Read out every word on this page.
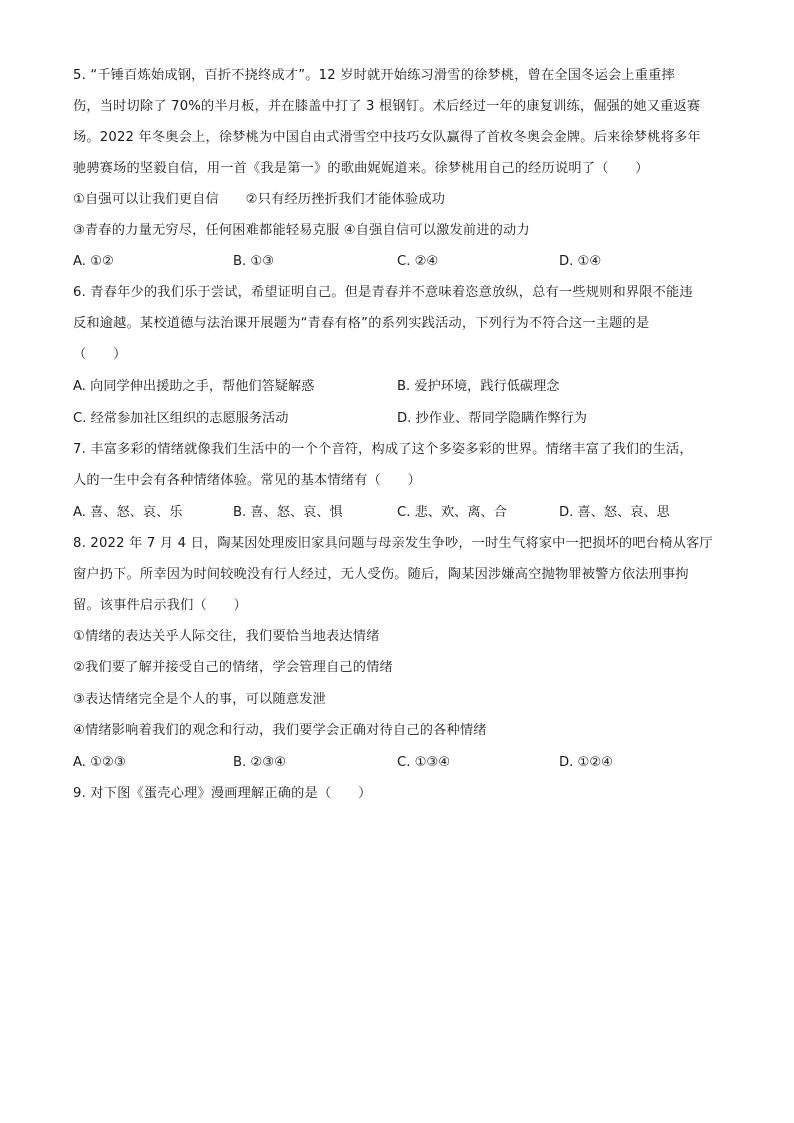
5. “千锤百炼始成钢，百折不挠终成才”。12 岁时就开始练习滑雪的徐梦桃，曾在全国冬运会上重重摔
伤，当时切除了 70%的半月板，并在膝盖中打了 3 根钢钉。术后经过一年的康复训练，倔强的她又重返赛
场。2022 年冬奥会上，徐梦桃为中国自由式滑雪空中技巧女队赢得了首枚冬奥会金牌。后来徐梦桃将多年
驰骋赛场的坚毅自信，用一首《我是第一》的歌曲娓娓道来。徐梦桃用自己的经历说明了（　　）
①自强可以让我们更自信　　②只有经历挫折我们才能体验成功
③青春的力量无穷尽，任何困难都能轻易克服 ④自强自信可以激发前进的动力
A. ①②	B. ①③	C. ②④	D. ①④
6. 青春年少的我们乐于尝试，希望证明自己。但是青春并不意味着恣意放纵，总有一些规则和界限不能违
反和逾越。某校道德与法治课开展题为“青春有格”的系列实践活动，下列行为不符合这一主题的是
（　　）
A. 向同学伸出援助之手，帮他们答疑解惑	B. 爱护环境，践行低碳理念
C. 经常参加社区组织的志愿服务活动	D. 抄作业、帮同学隐瞒作弊行为
7. 丰富多彩的情绪就像我们生活中的一个个音符，构成了这个多姿多彩的世界。情绪丰富了我们的生活，
人的一生中会有各种情绪体验。常见的基本情绪有（　　）
A. 喜、怒、哀、乐	B. 喜、怒、哀、惧	C. 悲、欢、离、合	D. 喜、怒、哀、思
8. 2022 年 7 月 4 日，陶某因处理废旧家具问题与母亲发生争吵，一时生气将家中一把损坏的吧台椅从客厅
窗户扔下。所幸因为时间较晚没有行人经过，无人受伤。随后，陶某因涉嫌高空抛物罪被警方依法刑事拘
留。该事件启示我们（　　）
①情绪的表达关乎人际交往，我们要恰当地表达情绪
②我们要了解并接受自己的情绪，学会管理自己的情绪
③表达情绪完全是个人的事，可以随意发泄
④情绪影响着我们的观念和行动，我们要学会正确对待自己的各种情绪
A. ①②③	B. ②③④	C. ①③④	D. ①②④
9. 对下图《蛋壳心理》漫画理解正确的是（　　）
